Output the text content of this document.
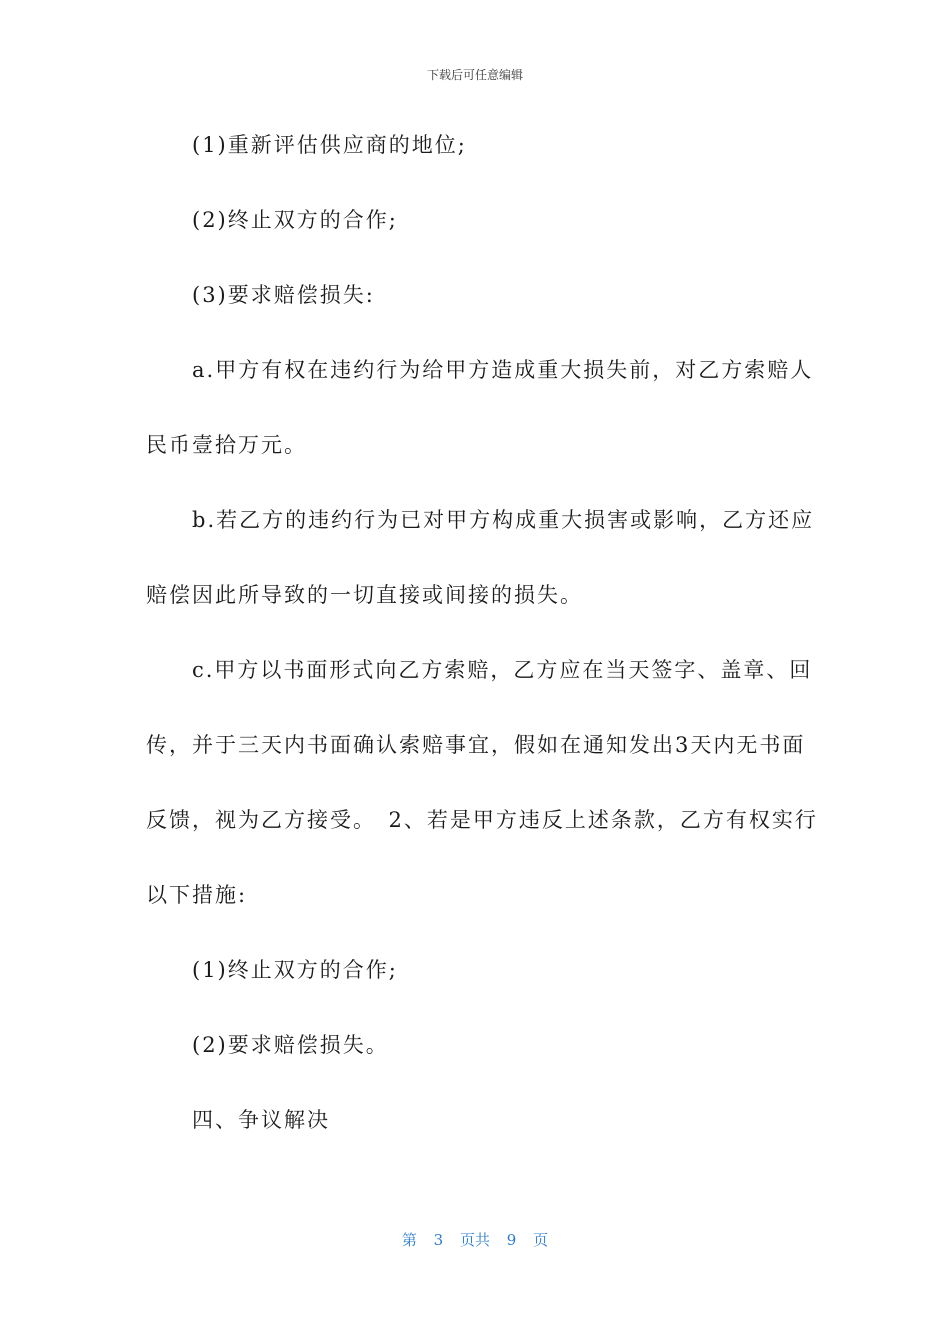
下载后可任意编辑

(1)重新评估供应商的地位;

(2)终止双方的合作;

(3)要求赔偿损失:

a.甲方有权在违约行为给甲方造成重大损失前，对乙方索赔人

民币壹拾万元。

b.若乙方的违约行为已对甲方构成重大损害或影响，乙方还应

赔偿因此所导致的一切直接或间接的损失。

c.甲方以书面形式向乙方索赔，乙方应在当天签字、盖章、回

传，并于三天内书面确认索赔事宜，假如在通知发出3天内无书面

反馈，视为乙方接受。　2、若是甲方违反上述条款，乙方有权实行

以下措施:

(1)终止双方的合作;

(2)要求赔偿损失。

四、争议解决

第 3 页共 9 页
